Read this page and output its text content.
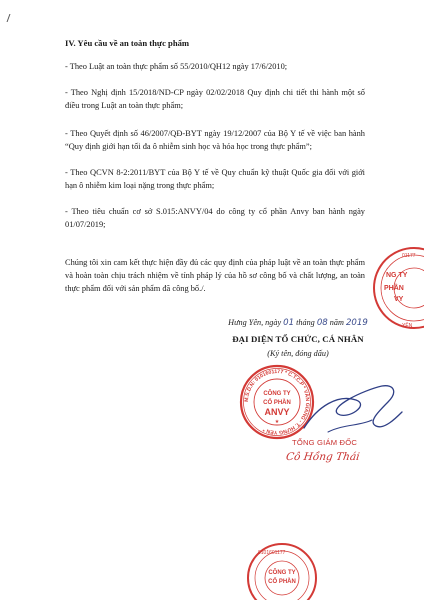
IV. Yêu cầu về an toàn thực phẩm
- Theo Luật an toàn thực phẩm số 55/2010/QH12 ngày 17/6/2010;
- Theo Nghị định 15/2018/ND-CP ngày 02/02/2018 Quy định chi tiết thi hành một số điều trong Luật an toàn thực phẩm;
- Theo Quyết định số 46/2007/QĐ-BYT ngày 19/12/2007 của Bộ Y tế về việc ban hành “Quy định giới hạn tối đa ô nhiễm sinh học và hóa học trong thực phẩm”;
- Theo QCVN 8-2:2011/BYT của Bộ Y tế về Quy chuẩn kỹ thuật Quốc gia đối với giới hạn ô nhiễm kim loại nặng trong thực phẩm;
- Theo tiêu chuẩn cơ sở S.015:ANVY/04 do công ty cổ phần Anvy ban hành ngày 01/07/2019;
Chúng tôi xin cam kết thực hiện đầy đủ các quy định của pháp luật về an toàn thực phẩm và hoàn toàn chịu trách nhiệm về tính pháp lý của hồ sơ công bố và chất lượng, an toàn thực phẩm đối với sản phẩm đã công bố./.
NG TY
PHẦN
VY
01177
YÊN
Hưng Yên, ngày 01 tháng 08 năm 2019
ĐẠI DIỆN TỔ CHỨC, CÁ NHÂN
(Ký tên, đóng dấu)
M.S.D.N: 0101601177 * C.T.C.P * VĂN GIANG - T. HƯNG YÊN *
CÔNG TY
CỔ PHẦN
ANVY
★
TỔNG GIÁM ĐỐC
Cô Hồng Thái
CÔNG TY
CỔ PHẦN
0101601177
